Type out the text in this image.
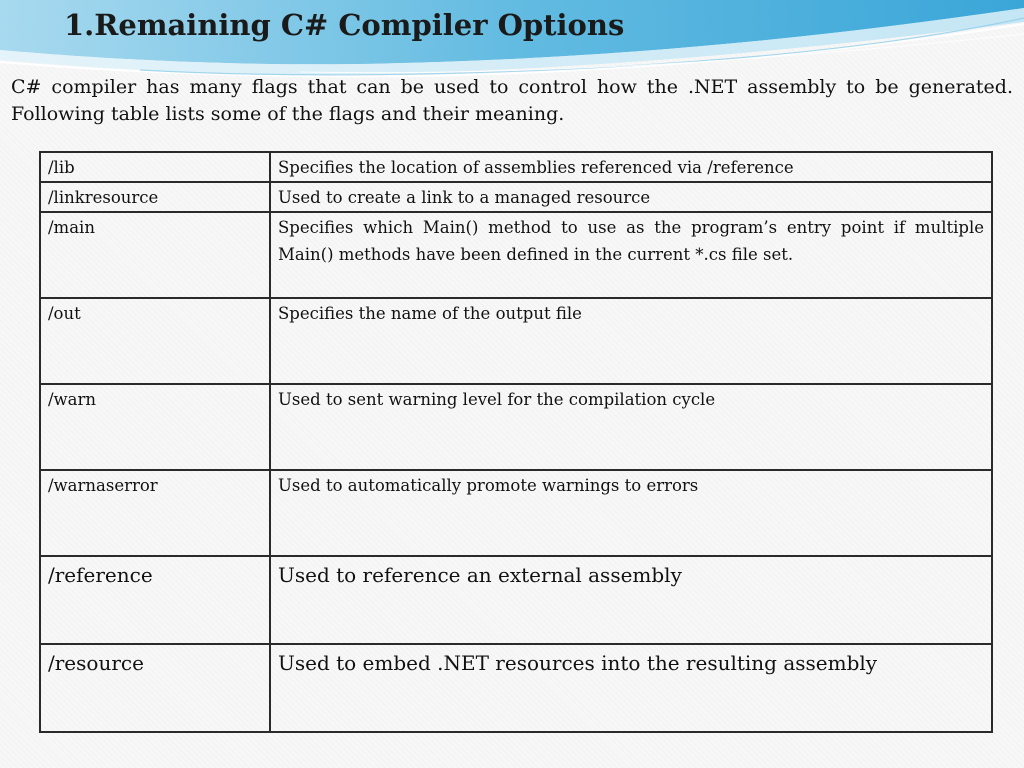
1.Remaining C# Compiler Options

C# compiler has many flags that can be used to control how the .NET assembly to be generated. Following table lists some of the flags and their meaning.

/lib	Specifies the location of assemblies referenced via /reference
/linkresource	Used to create a link to a managed resource
/main	Specifies which Main() method to use as the program’s entry point if multiple Main() methods have been defined in the current *.cs file set.
/out	Specifies the name of the output file
/warn	Used to sent warning level for the compilation cycle
/warnaserror	Used to automatically promote warnings to errors
/reference	Used to reference an external assembly
/resource	Used to embed .NET resources into the resulting assembly
